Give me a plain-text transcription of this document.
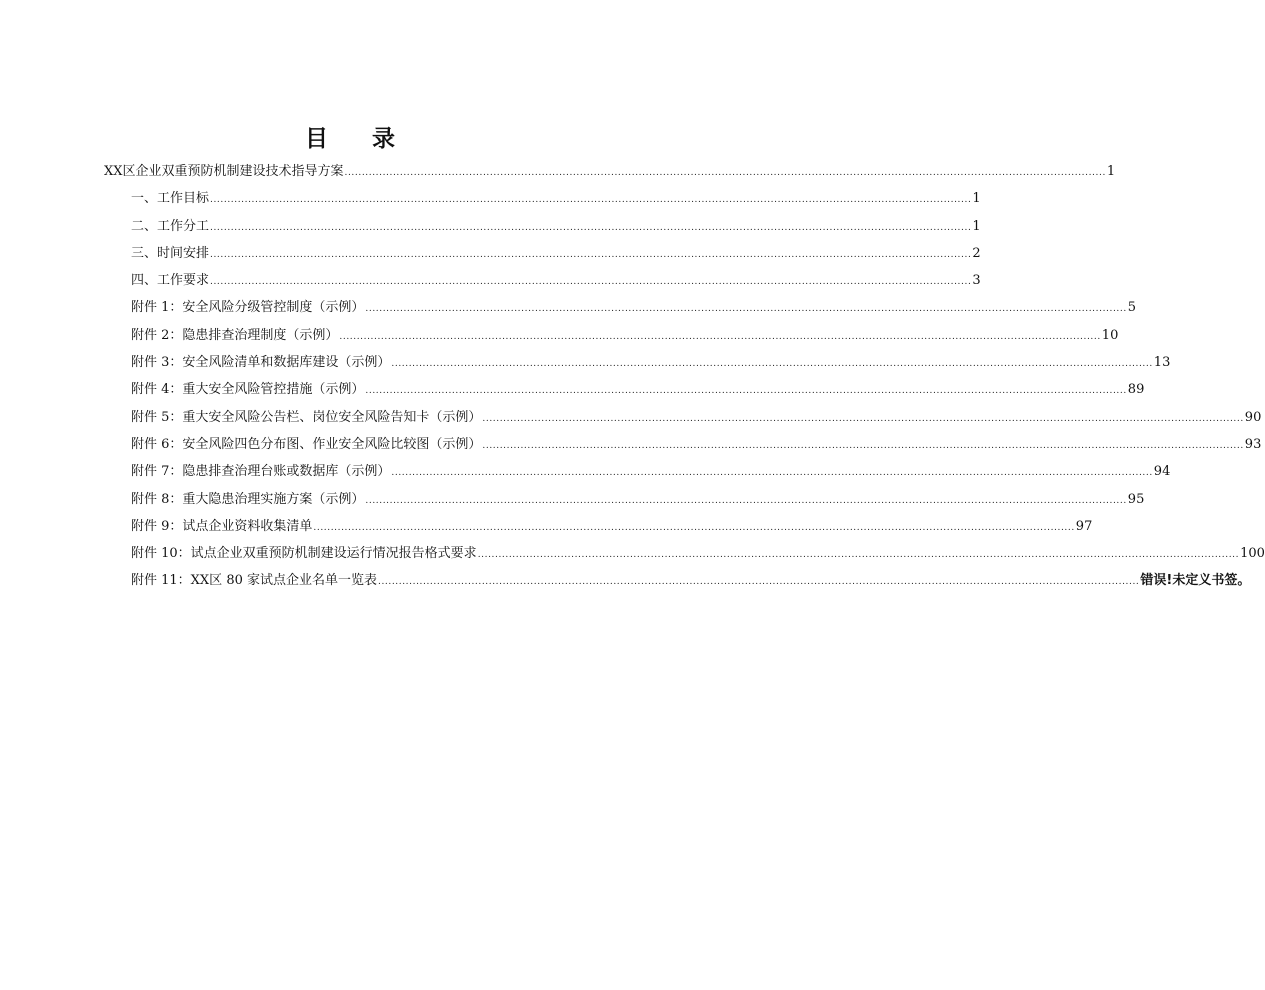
目 录
XX区企业双重预防机制建设技术指导方案 ............................................................................................................................................................................................................................ 1
一、工作目标 ............................................................................................................................................................................................................................ 1
二、工作分工 ............................................................................................................................................................................................................................ 1
三、时间安排 ............................................................................................................................................................................................................................ 2
四、工作要求 ............................................................................................................................................................................................................................ 3
附件 1：安全风险分级管控制度（示例） ............................................................................................................................................................................................................................ 5
附件 2：隐患排查治理制度（示例） ............................................................................................................................................................................................................................ 10
附件 3：安全风险清单和数据库建设（示例） ............................................................................................................................................................................................................................ 13
附件 4：重大安全风险管控措施（示例） ............................................................................................................................................................................................................................ 89
附件 5：重大安全风险公告栏、岗位安全风险告知卡（示例） ............................................................................................................................................................................................................................ 90
附件 6：安全风险四色分布图、作业安全风险比较图（示例） ............................................................................................................................................................................................................................ 93
附件 7：隐患排查治理台账或数据库（示例） ............................................................................................................................................................................................................................ 94
附件 8：重大隐患治理实施方案（示例） ............................................................................................................................................................................................................................ 95
附件 9：试点企业资料收集清单 ............................................................................................................................................................................................................................ 97
附件 10：试点企业双重预防机制建设运行情况报告格式要求 ............................................................................................................................................................................................................................ 100
附件 11：XX区 80 家试点企业名单一览表 ............................................................................................................................................................................................................................ 错误!未定义书签。
